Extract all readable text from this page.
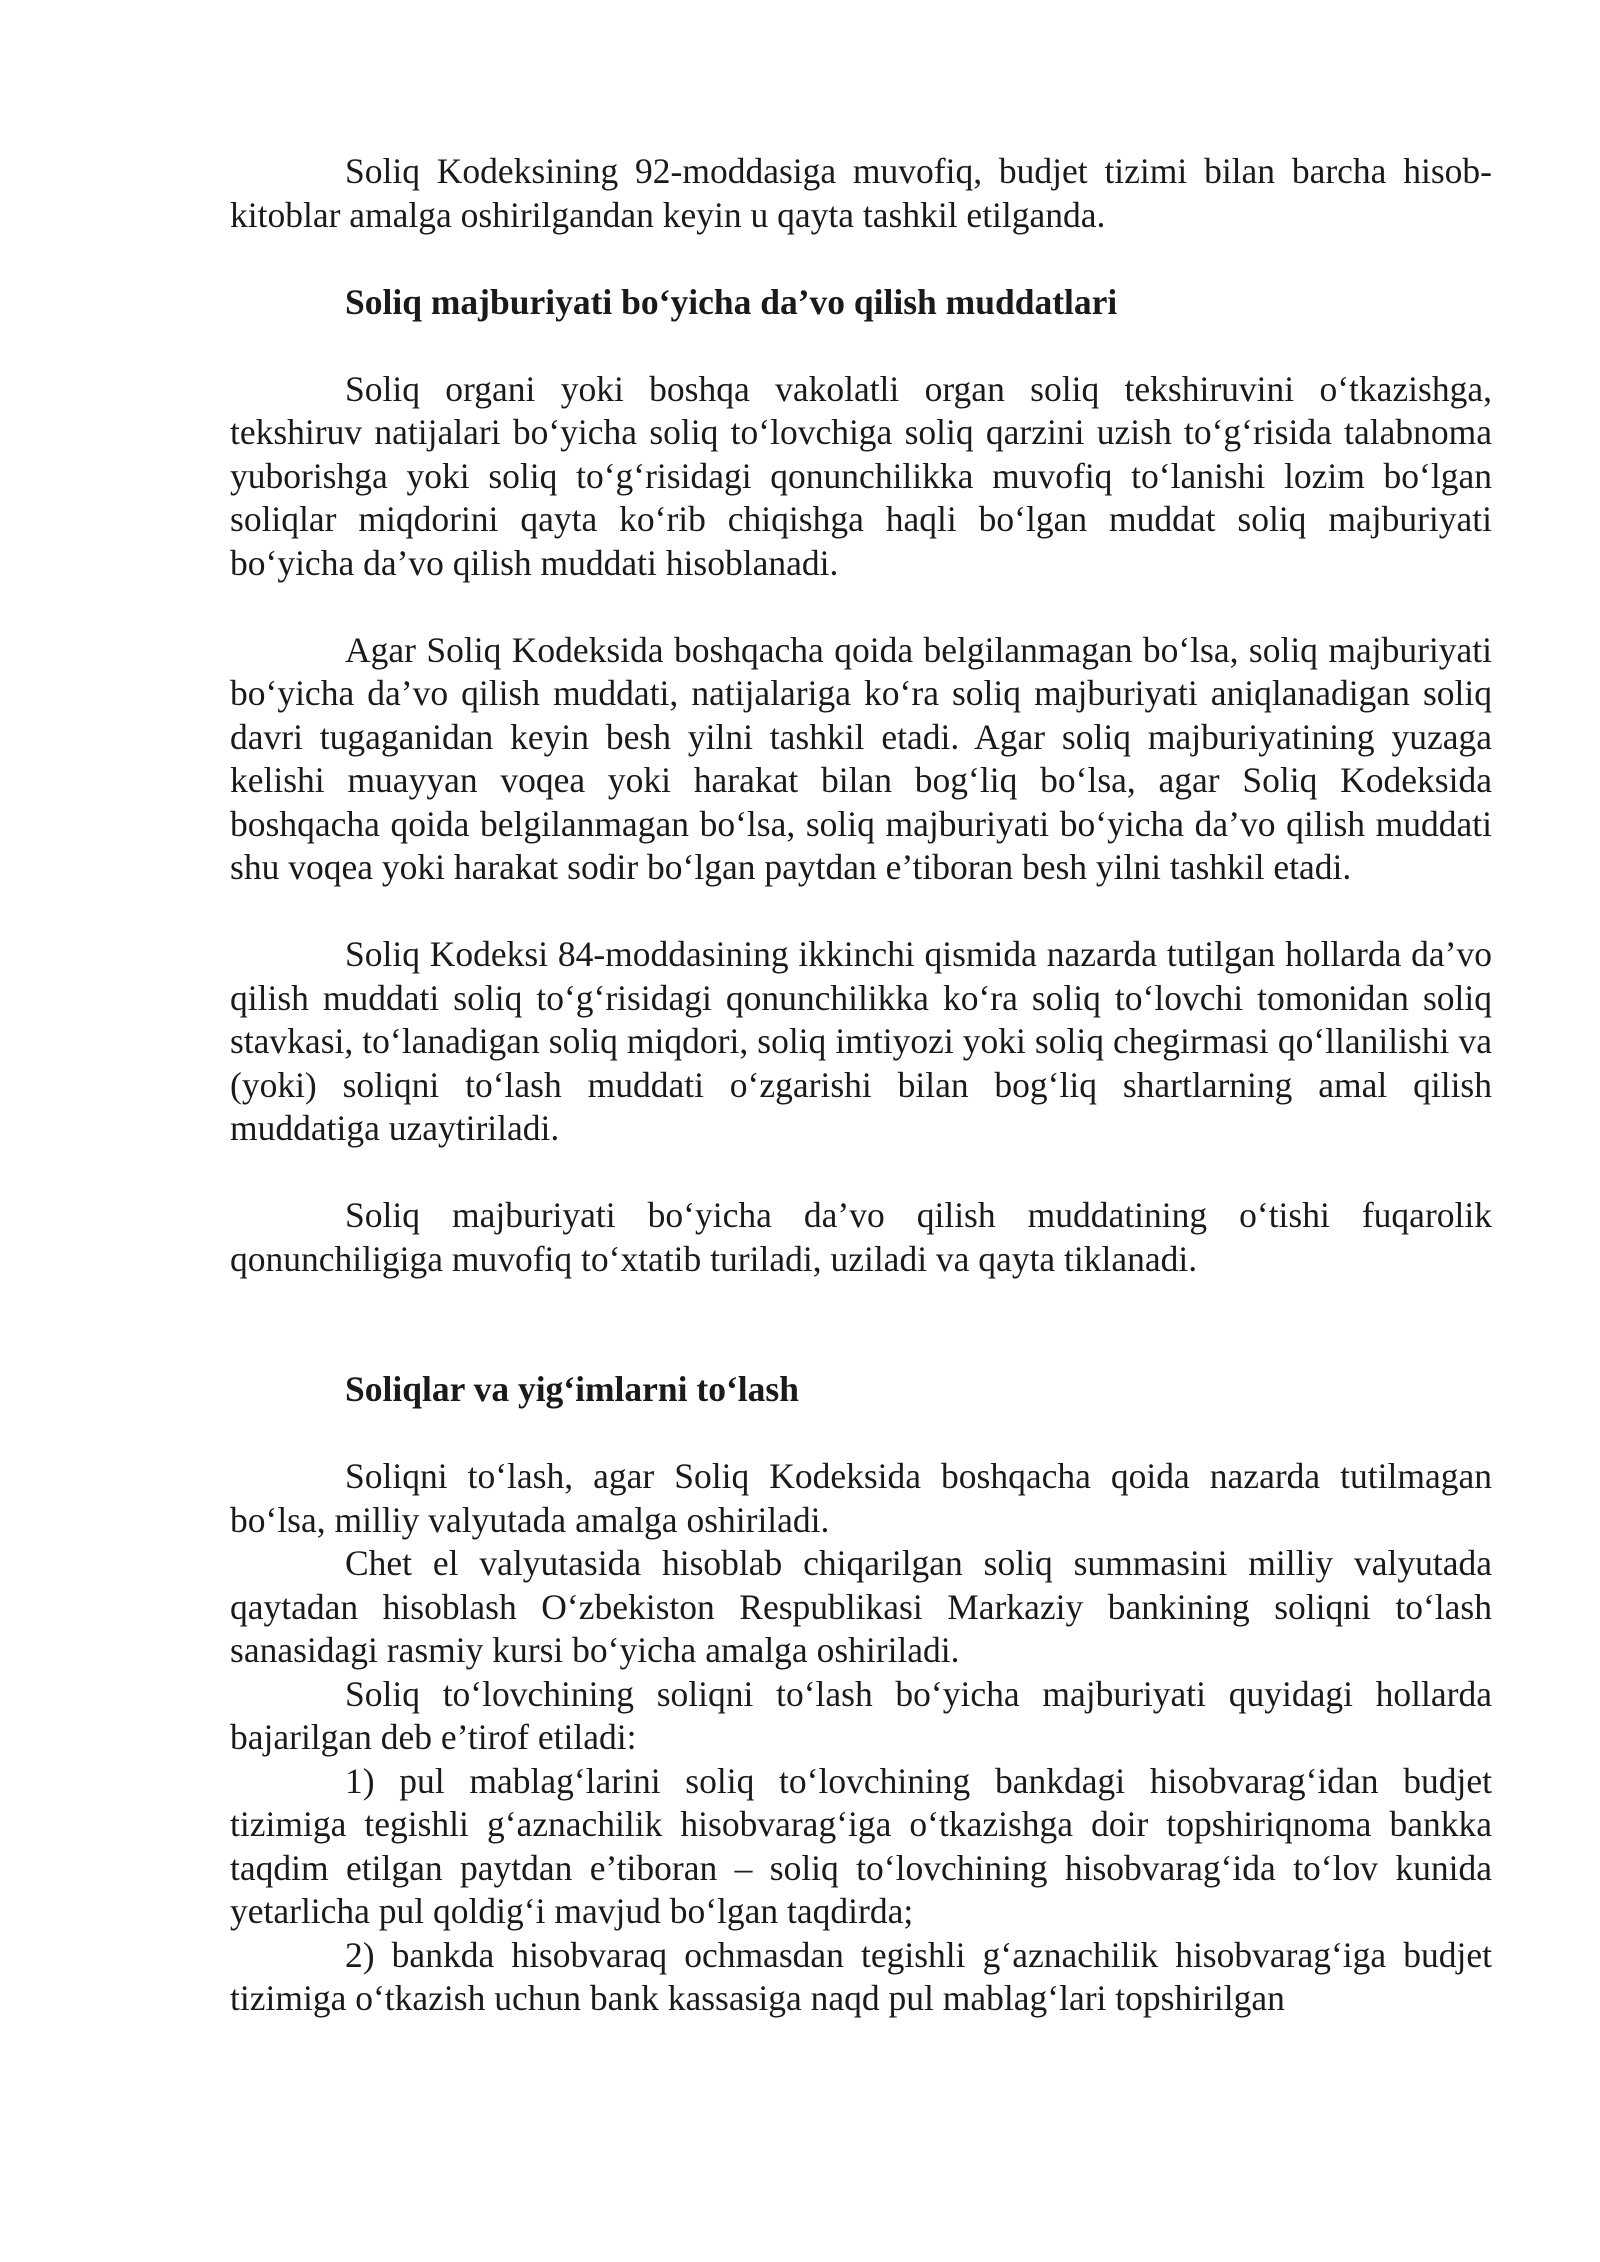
Soliq Kodeksining 92-moddasiga muvofiq, budjet tizimi bilan barcha hisob-kitoblar amalga oshirilgandan keyin u qayta tashkil etilganda.

Soliq majburiyati bo‘yicha da’vo qilish muddatlari

Soliq organi yoki boshqa vakolatli organ soliq tekshiruvini o‘tkazishga, tekshiruv natijalari bo‘yicha soliq to‘lovchiga soliq qarzini uzish to‘g‘risida talabnoma yuborishga yoki soliq to‘g‘risidagi qonunchilikka muvofiq to‘lanishi lozim bo‘lgan soliqlar miqdorini qayta ko‘rib chiqishga haqli bo‘lgan muddat soliq majburiyati bo‘yicha da’vo qilish muddati hisoblanadi.

Agar Soliq Kodeksida boshqacha qoida belgilanmagan bo‘lsa, soliq majburiyati bo‘yicha da’vo qilish muddati, natijalariga ko‘ra soliq majburiyati aniqlanadigan soliq davri tugaganidan keyin besh yilni tashkil etadi. Agar soliq majburiyatining yuzaga kelishi muayyan voqea yoki harakat bilan bog‘liq bo‘lsa, agar Soliq Kodeksida boshqacha qoida belgilanmagan bo‘lsa, soliq majburiyati bo‘yicha da’vo qilish muddati shu voqea yoki harakat sodir bo‘lgan paytdan e’tiboran besh yilni tashkil etadi.

Soliq Kodeksi 84-moddasining ikkinchi qismida nazarda tutilgan hollarda da’vo qilish muddati soliq to‘g‘risidagi qonunchilikka ko‘ra soliq to‘lovchi tomonidan soliq stavkasi, to‘lanadigan soliq miqdori, soliq imtiyozi yoki soliq chegirmasi qo‘llanilishi va (yoki) soliqni to‘lash muddati o‘zgarishi bilan bog‘liq shartlarning amal qilish muddatiga uzaytiriladi.

Soliq majburiyati bo‘yicha da’vo qilish muddatining o‘tishi fuqarolik qonunchiligiga muvofiq to‘xtatib turiladi, uziladi va qayta tiklanadi.

Soliqlar va yig‘imlarni to‘lash

Soliqni to‘lash, agar Soliq Kodeksida boshqacha qoida nazarda tutilmagan bo‘lsa, milliy valyutada amalga oshiriladi.

Chet el valyutasida hisoblab chiqarilgan soliq summasini milliy valyutada qaytadan hisoblash O‘zbekiston Respublikasi Markaziy bankining soliqni to‘lash sanasidagi rasmiy kursi bo‘yicha amalga oshiriladi.

Soliq to‘lovchining soliqni to‘lash bo‘yicha majburiyati quyidagi hollarda bajarilgan deb e’tirof etiladi:

1) pul mablag‘larini soliq to‘lovchining bankdagi hisobvarag‘idan budjet tizimiga tegishli g‘aznachilik hisobvarag‘iga o‘tkazishga doir topshiriqnoma bankka taqdim etilgan paytdan e’tiboran – soliq to‘lovchining hisobvarag‘ida to‘lov kunida yetarlicha pul qoldig‘i mavjud bo‘lgan taqdirda;

2) bankda hisobvaraq ochmasdan tegishli g‘aznachilik hisobvarag‘iga budjet tizimiga o‘tkazish uchun bank kassasiga naqd pul mablag‘lari topshirilgan
